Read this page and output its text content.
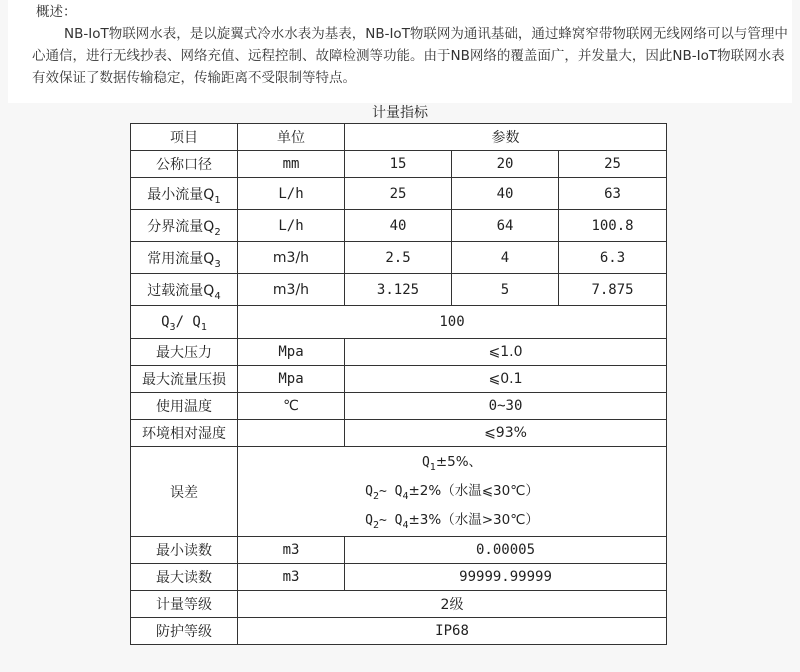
概述：

NB-IoT物联网水表，是以旋翼式冷水水表为基表，NB-IoT物联网为通讯基础，通过蜂窝窄带物联网无线网络可以与管理中心通信，进行无线抄表、网络充值、远程控制、故障检测等功能。由于NB网络的覆盖面广，并发量大，因此NB-IoT物联网水表有效保证了数据传输稳定，传输距离不受限制等特点。

计量指标
项目	单位	参数		
公称口径	mm	15	20	25
最小流量$Q_1$	L/h	25	40	63
分界流量$Q_2$	L/h	40	64	100.8
常用流量$Q_3$	m3/h	2.5	4	6.3
过载流量$Q_4$	m3/h	3.125	5	7.875
$Q_3/$ $Q_1$	100			
最大压力	Mpa	⩽1.0		
最大流量压损	Mpa	⩽0.1		
使用温度	℃	0~30		
环境相对湿度		⩽93%		
误差	$Q_1\pm 5\%$、
$Q_2\sim$ $Q_4\pm 2\%$（水温⩽30℃）
$Q_2\sim$ $Q_4\pm 3\%$（水温>30℃）			

最小读数	m3	0.00005		
最大读数	m3	99999.99999		
计量等级	2级			
防护等级	IP68			
